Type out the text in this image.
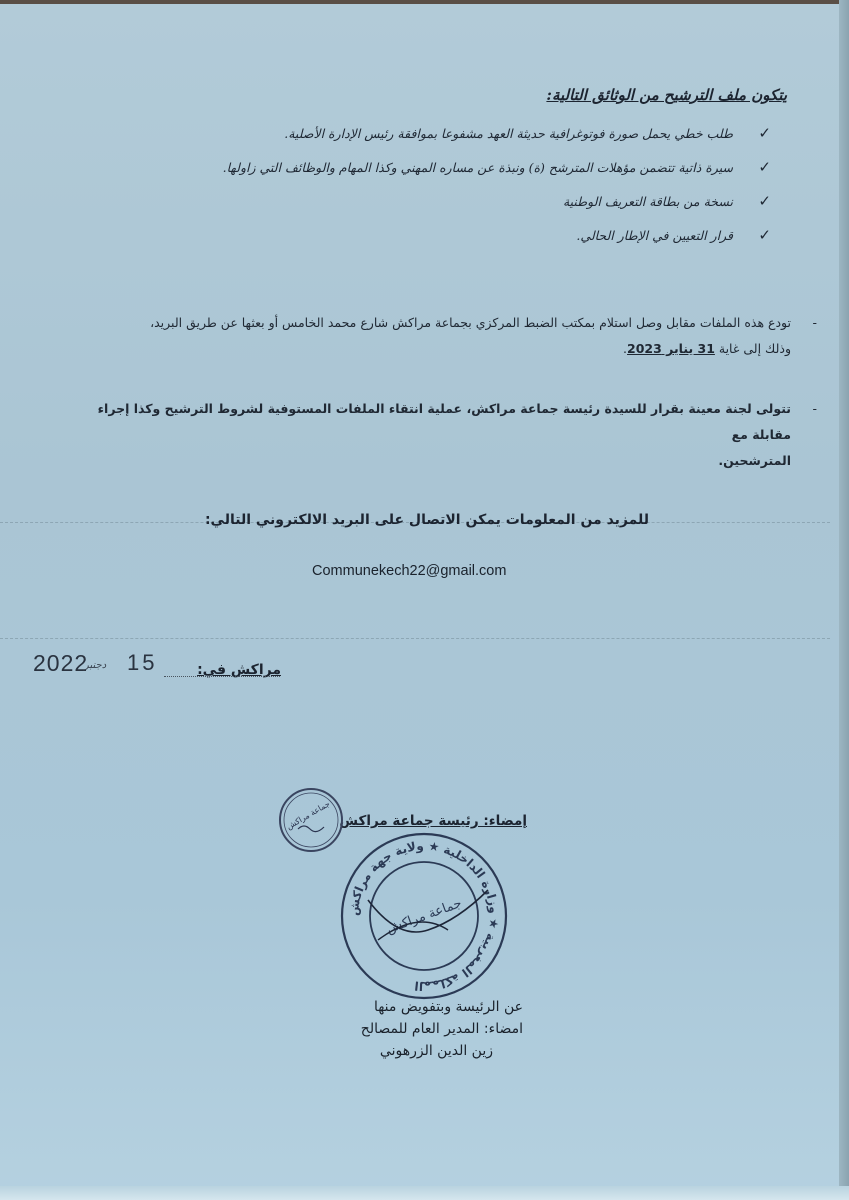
يتكون ملف الترشيح من الوثائق التالية:
✓
طلب خطي يحمل صورة فوتوغرافية حديثة العهد مشفوعا بموافقة رئيس الإدارة الأصلية.
✓
سيرة ذاتية تتضمن مؤهلات المترشح (ة) ونبذة عن مساره المهني وكذا المهام والوظائف التي زاولها.
✓
نسخة من بطاقة التعريف الوطنية
✓
قرار التعيين في الإطار الحالي.
-
تودع هذه الملفات مقابل وصل استلام بمكتب الضبط المركزي بجماعة مراكش شارع محمد الخامس أو بعثها عن طريق البريد،
وذلك إلى غاية 31 يناير 2023.
-
تتولى لجنة معينة بقرار للسيدة رئيسة جماعة مراكش، عملية انتقاء الملفات المستوفية لشروط الترشيح وكذا إجراء مقابلة مع
المترشحين.
للمزيد من المعلومات يمكن الاتصال على البريد الالكتروني التالي:
Communekech22@gmail.com
مراكش في:
2022
دجنبر 15
إمضاء: رئيسة جماعة مراكش
جماعة مراكش
المملكة المغربية ★ وزارة الداخلية ★ ولاية جهة مراكش
جماعة مراكش
عن الرئيسة وبتفويض منها
امضاء: المدير العام للمصالح
زين الدين الزرهوني
